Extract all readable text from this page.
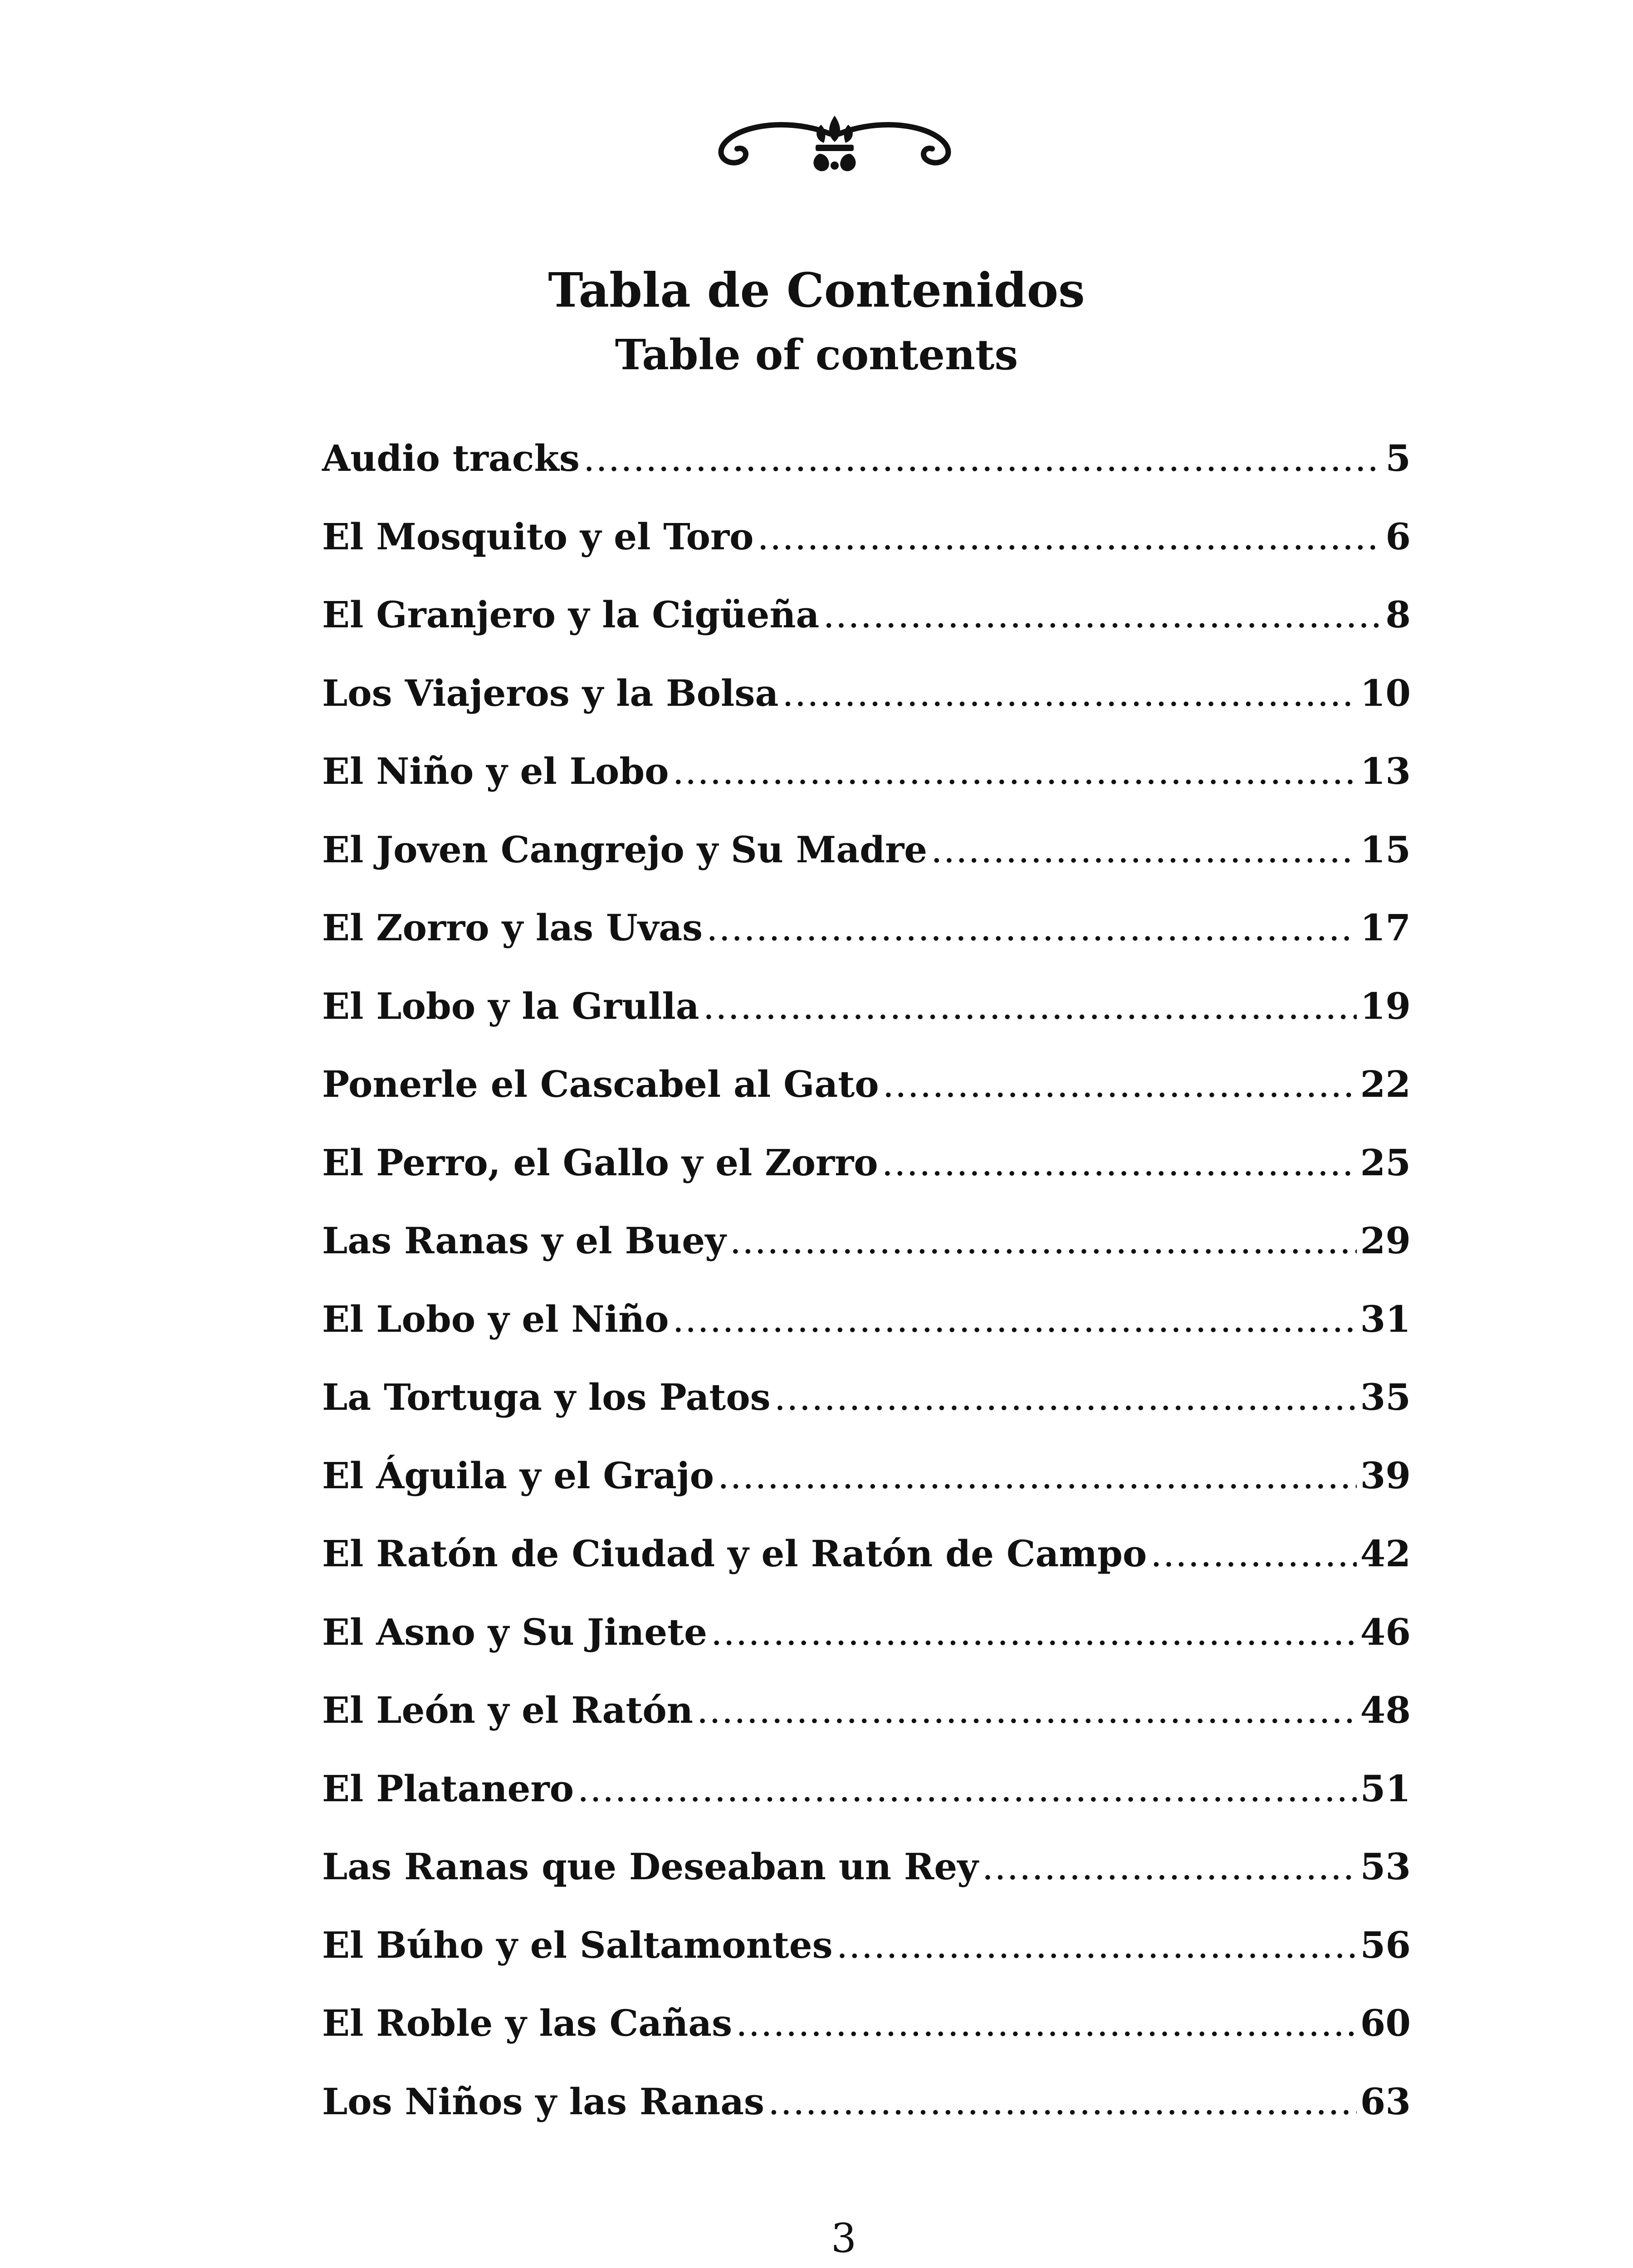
Tabla de Contenidos
Table of contents
Audio tracks .....	5
El Mosquito y el Toro .....	6
El Granjero y la Cigüeña .....	8
Los Viajeros y la Bolsa .....	10
El Niño y el Lobo .....	13
El Joven Cangrejo y Su Madre .....	15
El Zorro y las Uvas .....	17
El Lobo y la Grulla .....	19
Ponerle el Cascabel al Gato .....	22
El Perro, el Gallo y el Zorro .....	25
Las Ranas y el Buey .....	29
El Lobo y el Niño .....	31
La Tortuga y los Patos .....	35
El Águila y el Grajo .....	39
El Ratón de Ciudad y el Ratón de Campo .....	42
El Asno y Su Jinete .....	46
El León y el Ratón .....	48
El Platanero .....	51
Las Ranas que Deseaban un Rey .....	53
El Búho y el Saltamontes .....	56
El Roble y las Cañas .....	60
Los Niños y las Ranas .....	63
3
